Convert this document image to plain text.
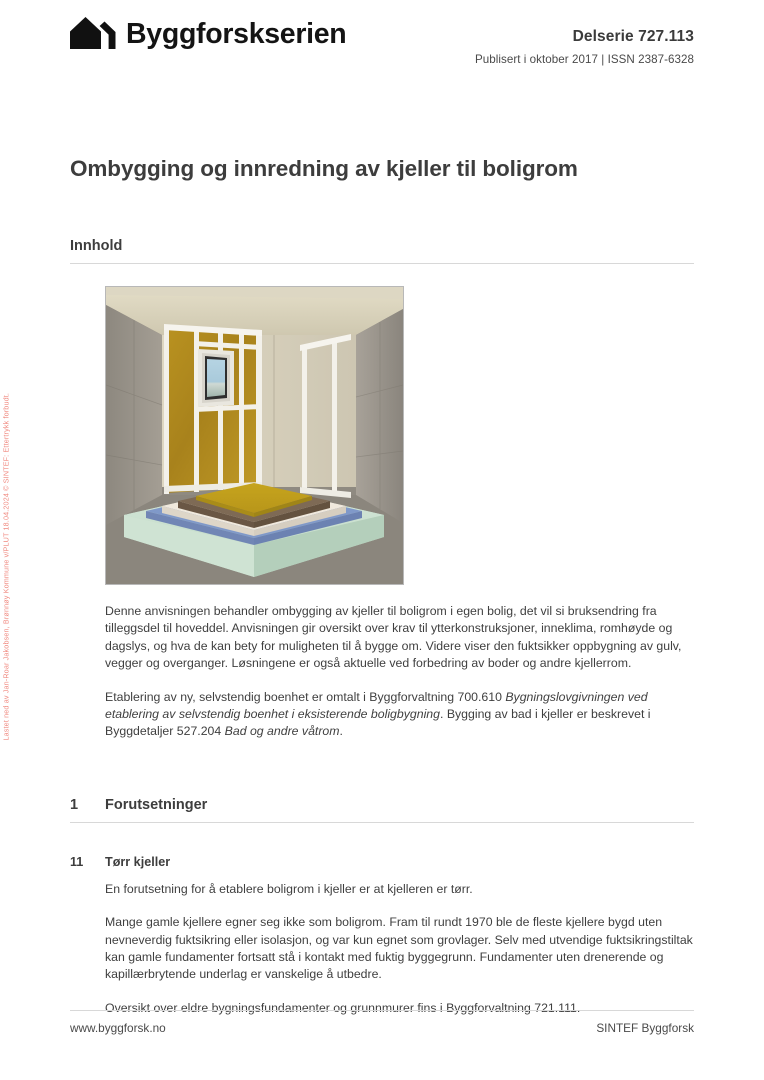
Lastet ned av Jan-Roar Jakobsen, Brønnøy Kommune v/PLUT 18.04.2024 © SINTEF: Ettertrykk forbudt.
Byggforskserien	Delserie 727.113
Publisert i oktober 2017 | ISSN 2387-6328
Ombygging og innredning av kjeller til boligrom
Innhold
Denne anvisningen behandler ombygging av kjeller til boligrom i egen bolig, det vil si bruksendring fra tilleggsdel til hoveddel. Anvisningen gir oversikt over krav til ytterkonstruksjoner, inneklima, romhøyde og dagslys, og hva de kan bety for muligheten til å bygge om. Videre viser den fuktsikker oppbygning av gulv, vegger og overganger. Løsningene er også aktuelle ved forbedring av boder og andre kjellerrom.
Etablering av ny, selvstendig boenhet er omtalt i Byggforvaltning 700.610 Bygningslovgivningen ved etablering av selvstendig boenhet i eksisterende boligbygning. Bygging av bad i kjeller er beskrevet i Byggdetaljer 527.204 Bad og andre våtrom.
1	Forutsetninger
11	Tørr kjeller
En forutsetning for å etablere boligrom i kjeller er at kjelleren er tørr.
Mange gamle kjellere egner seg ikke som boligrom. Fram til rundt 1970 ble de fleste kjellere bygd uten nevneverdig fuktsikring eller isolasjon, og var kun egnet som grovlager. Selv med utvendige fuktsikringstiltak kan gamle fundamenter fortsatt stå i kontakt med fuktig byggegrunn. Fundamenter uten drenerende og kapillærbrytende underlag er vanskelige å utbedre.
Oversikt over eldre bygningsfundamenter og grunnmurer fins i Byggforvaltning 721.111.
www.byggforsk.no	SINTEF Byggforsk
